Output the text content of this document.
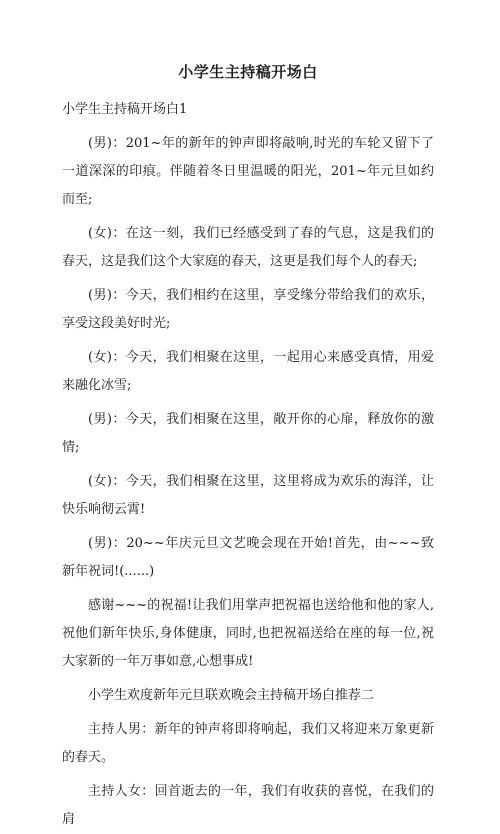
小学生主持稿开场白
小学生主持稿开场白1
(男)：201~年的新年的钟声即将敲响,时光的车轮又留下了一道深深的印痕。伴随着冬日里温暖的阳光，201~年元旦如约而至;
(女)：在这一刻，我们已经感受到了春的气息，这是我们的春天，这是我们这个大家庭的春天，这更是我们每个人的春天;
(男)：今天，我们相约在这里，享受缘分带给我们的欢乐，享受这段美好时光;
(女)：今天，我们相聚在这里，一起用心来感受真情，用爱来融化冰雪;
(男)：今天，我们相聚在这里，敞开你的心扉，释放你的激情;
(女)：今天，我们相聚在这里，这里将成为欢乐的海洋，让快乐响彻云霄!
(男)：20~~年庆元旦文艺晚会现在开始!首先，由~~~致新年祝词!(......)
感谢~~~的祝福!让我们用掌声把祝福也送给他和他的家人,祝他们新年快乐,身体健康，同时,也把祝福送给在座的每一位,祝大家新的一年万事如意,心想事成!
小学生欢度新年元旦联欢晚会主持稿开场白推荐二
主持人男：新年的钟声将即将响起，我们又将迎来万象更新的春天。
主持人女：回首逝去的一年，我们有收获的喜悦，在我们的肩
